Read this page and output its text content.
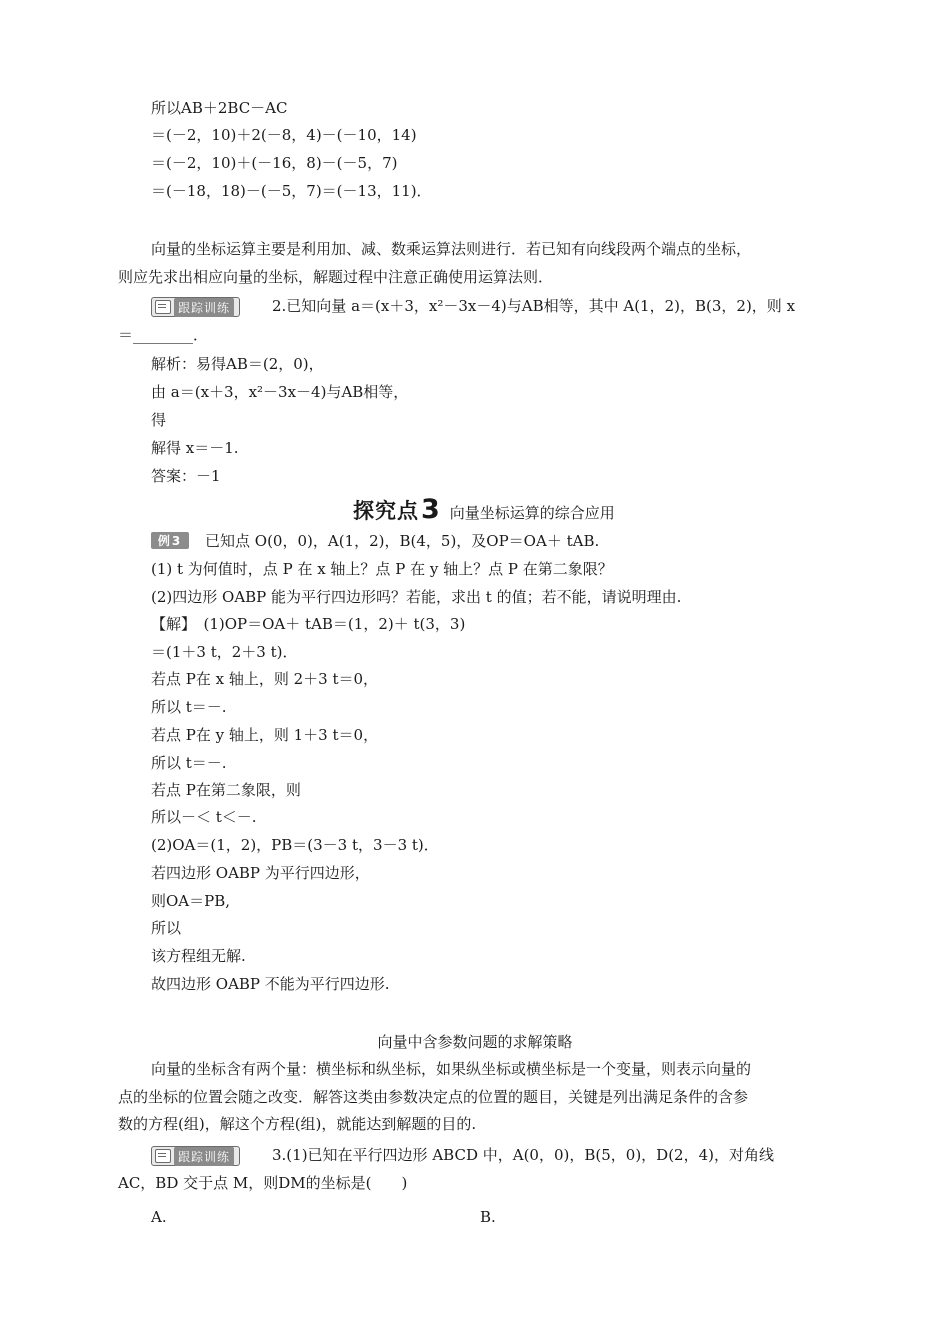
所以AB＋2BC－AC
＝(－2，10)＋2(－8，4)－(－10，14)
＝(－2，10)＋(－16，8)－(－5，7)
＝(－18，18)－(－5，7)＝(－13，11)．
向量的坐标运算主要是利用加、减、数乘运算法则进行．若已知有向线段两个端点的坐标，
则应先求出相应向量的坐标，解题过程中注意正确使用运算法则．
跟踪训练	2.已知向量 a＝(x＋3，x²－3x－4)与AB相等，其中 A(1，2)，B(3，2)，则 x
＝________．
解析：易得AB＝(2，0)，
由 a＝(x＋3，x²－3x－4)与AB相等，
得
解得 x＝－1.
答案：－1
探究点 3 向量坐标运算的综合应用
例3	已知点 O(0，0)，A(1，2)，B(4，5)，及OP＝OA＋ tAB.
(1) t 为何值时，点 P 在 x 轴上？点 P 在 y 轴上？点 P 在第二象限？
(2)四边形 OABP 能为平行四边形吗？若能，求出 t 的值；若不能，请说明理由.
【解】　(1)OP＝OA＋ tAB＝(1，2)＋ t(3，3)
＝(1＋3 t，2＋3 t)．
若点 P在 x 轴上，则 2＋3 t＝0，
所以 t＝－.
若点 P在 y 轴上，则 1＋3 t＝0，
所以 t＝－.
若点 P在第二象限，则
所以－＜ t＜－.
(2)OA＝(1，2)，PB＝(3－3 t，3－3 t)．
若四边形 OABP 为平行四边形，
则OA＝PB,
所以
该方程组无解.
故四边形 OABP 不能为平行四边形.
向量中含参数问题的求解策略
向量的坐标含有两个量：横坐标和纵坐标，如果纵坐标或横坐标是一个变量，则表示向量的
点的坐标的位置会随之改变．解答这类由参数决定点的位置的题目，关键是列出满足条件的含参
数的方程(组)，解这个方程(组)，就能达到解题的目的.
跟踪训练	3.(1)已知在平行四边形 ABCD 中，A(0，0)，B(5，0)，D(2，4)，对角线
AC，BD 交于点 M，则DM的坐标是(　　)
A.	B.
